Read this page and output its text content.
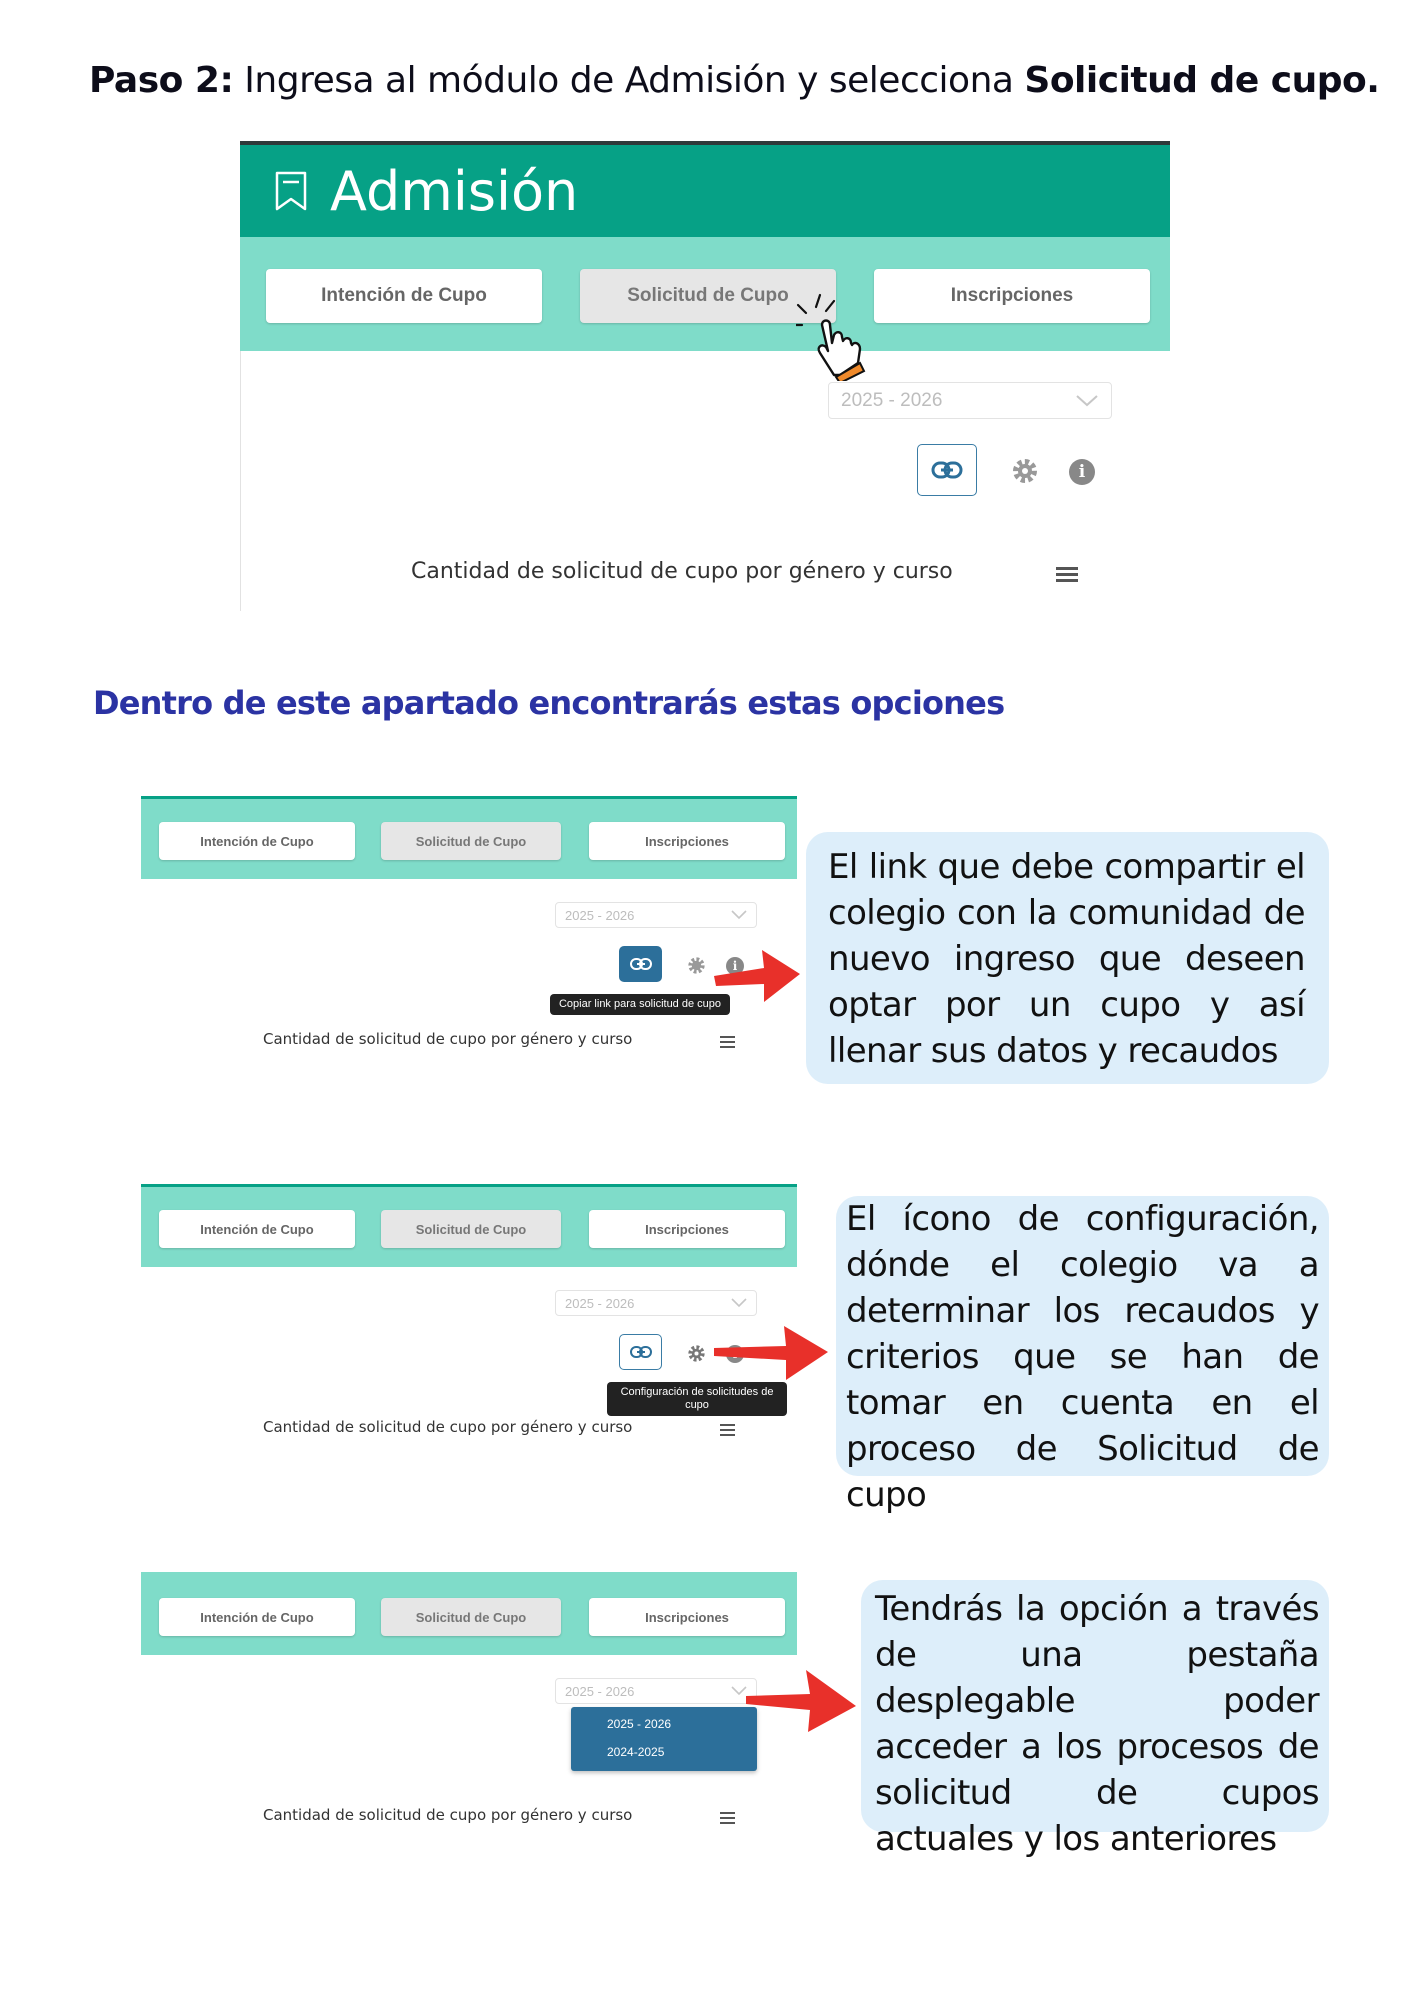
Paso 2: Ingresa al módulo de Admisión y selecciona Solicitud de cupo.
Admisión
Intención de Cupo	Solicitud de Cupo	Inscripciones
2025 - 2026
i
Cantidad de solicitud de cupo por género y curso
Dentro de este apartado encontrarás estas opciones
Intención de Cupo	Solicitud de Cupo	Inscripciones
2025 - 2026
i
Copiar link para solicitud de cupo
Cantidad de solicitud de cupo por género y curso
El link que debe compartir el colegio con la comunidad de nuevo ingreso que deseen optar por un cupo y así llenar sus datos y recaudos
Intención de Cupo	Solicitud de Cupo	Inscripciones
2025 - 2026
Configuración de solicitudes de cupo
Cantidad de solicitud de cupo por género y curso
El ícono de configuración, dónde el colegio va a determinar los recaudos y criterios que se han de tomar en cuenta en el proceso de Solicitud de cupo
Intención de Cupo	Solicitud de Cupo	Inscripciones
2025 - 2026
2025 - 2026
2024-2025
Cantidad de solicitud de cupo por género y curso
Tendrás la opción a través de una pestaña desplegable poder acceder a los procesos de solicitud de cupos actuales y los anteriores
